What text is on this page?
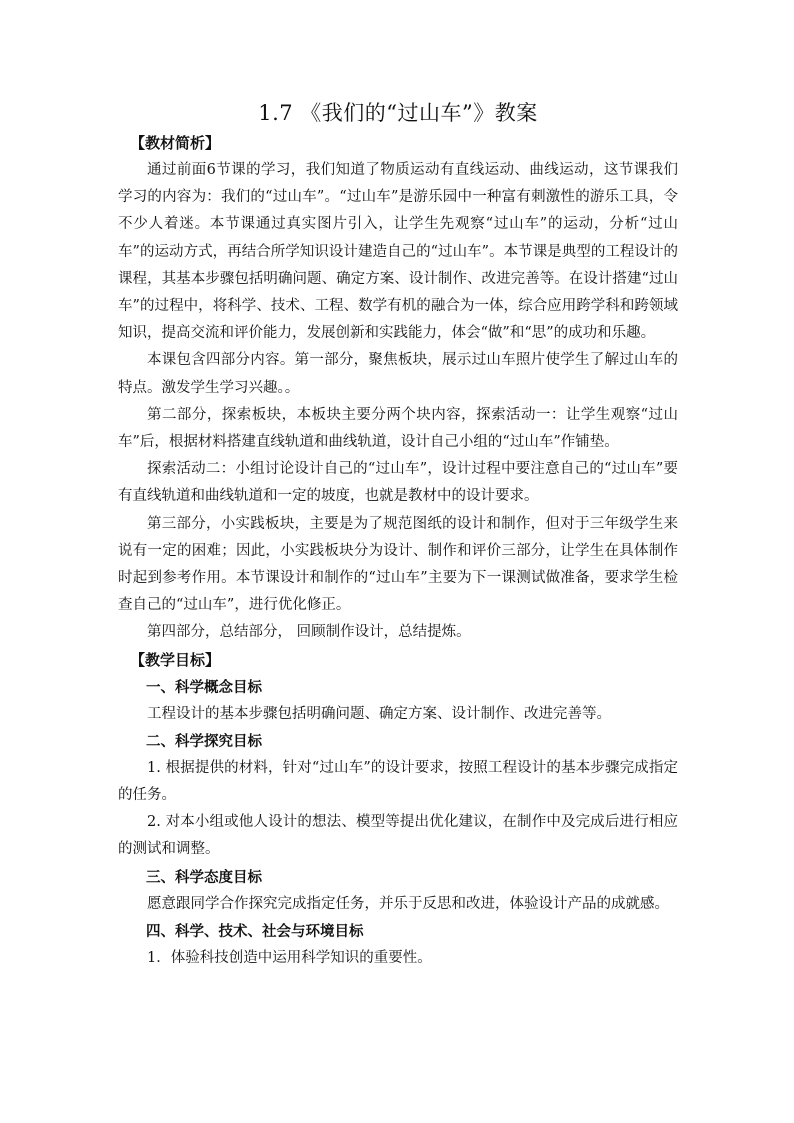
1.7 《我们的“过山车”》教案

【教材简析】

通过前面6节课的学习，我们知道了物质运动有直线运动、曲线运动，这节课我们学习的内容为：我们的“过山车”。“过山车”是游乐园中一种富有刺激性的游乐工具，令不少人着迷。本节课通过真实图片引入，让学生先观察“过山车”的运动，分析“过山车”的运动方式，再结合所学知识设计建造自己的“过山车”。本节课是典型的工程设计的课程，其基本步骤包括明确问题、确定方案、设计制作、改进完善等。在设计搭建“过山车”的过程中，将科学、技术、工程、数学有机的融合为一体，综合应用跨学科和跨领域知识，提高交流和评价能力，发展创新和实践能力，体会“做”和“思”的成功和乐趣。

本课包含四部分内容。第一部分，聚焦板块，展示过山车照片使学生了解过山车的特点。激发学生学习兴趣。。

第二部分，探索板块，本板块主要分两个块内容，探索活动一：让学生观察“过山车”后，根据材料搭建直线轨道和曲线轨道，设计自己小组的“过山车”作铺垫。

探索活动二：小组讨论设计自己的“过山车”，设计过程中要注意自己的“过山车”要有直线轨道和曲线轨道和一定的坡度，也就是教材中的设计要求。

第三部分，小实践板块，主要是为了规范图纸的设计和制作，但对于三年级学生来说有一定的困难；因此，小实践板块分为设计、制作和评价三部分，让学生在具体制作时起到参考作用。本节课设计和制作的“过山车”主要为下一课测试做准备，要求学生检查自己的“过山车”，进行优化修正。

第四部分，总结部分， 回顾制作设计，总结提炼。

【教学目标】

一、科学概念目标

工程设计的基本步骤包括明确问题、确定方案、设计制作、改进完善等。

二、科学探究目标

1. 根据提供的材料，针对“过山车”的设计要求，按照工程设计的基本步骤完成指定的任务。

2. 对本小组或他人设计的想法、模型等提出优化建议，在制作中及完成后进行相应的测试和调整。

三、科学态度目标

愿意跟同学合作探究完成指定任务，并乐于反思和改进，体验设计产品的成就感。

四、科学、技术、社会与环境目标

1．体验科技创造中运用科学知识的重要性。
